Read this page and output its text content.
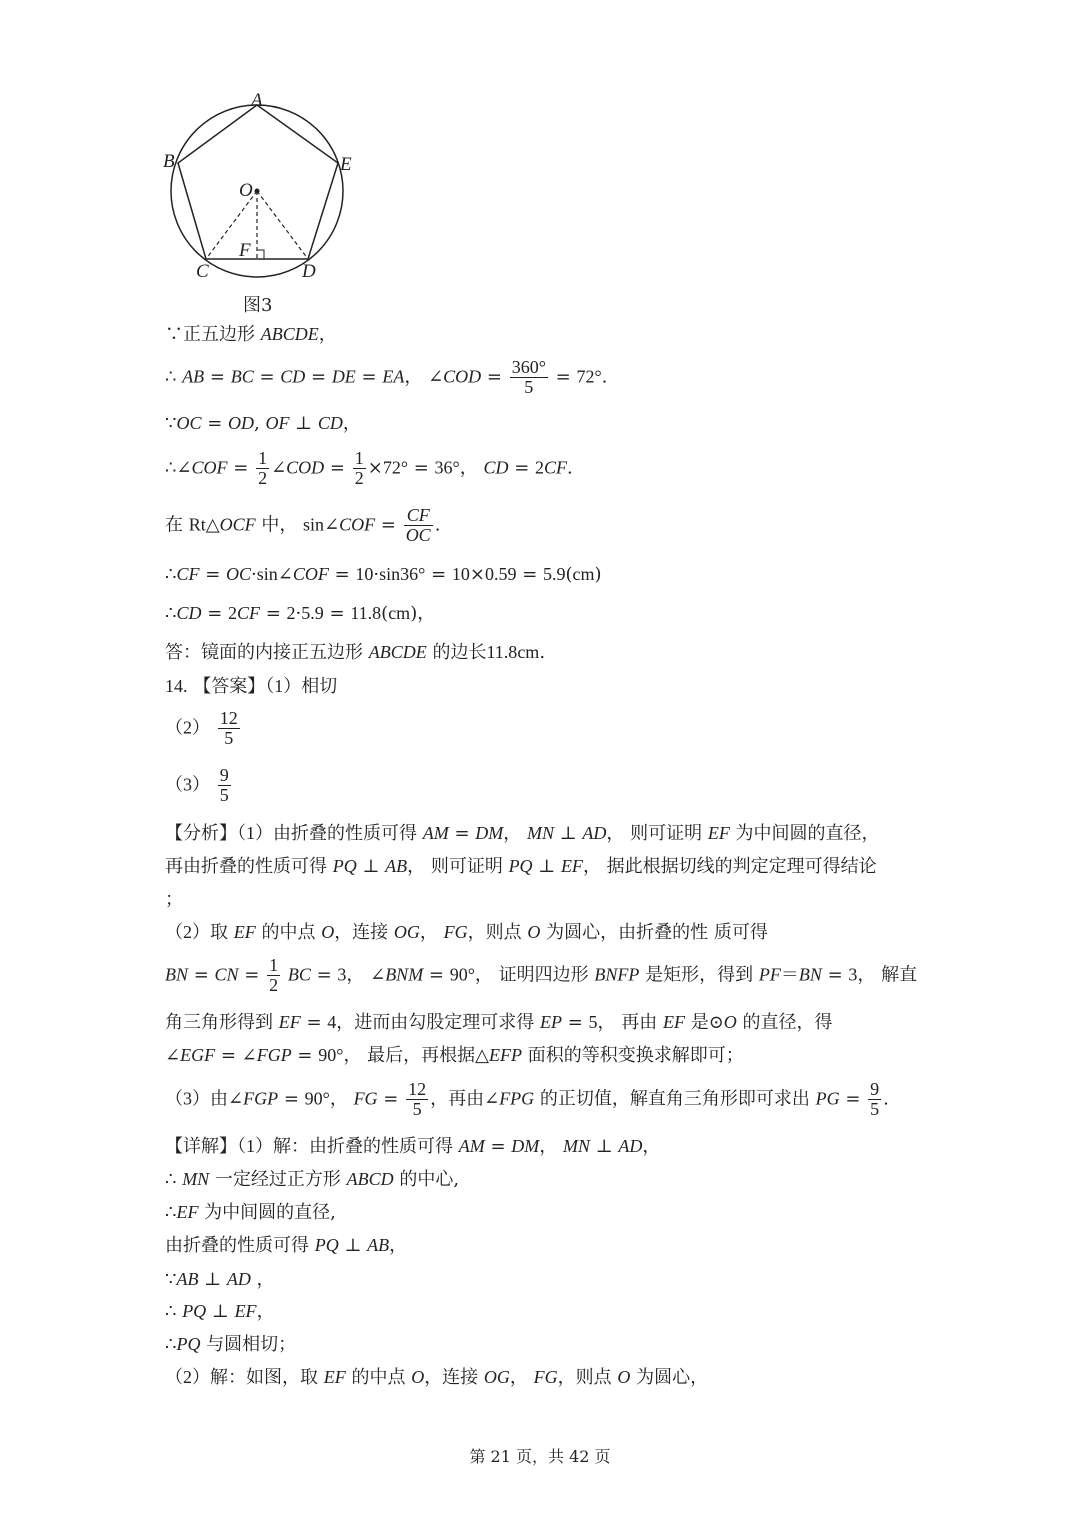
A
B
C	D
E
O
F
图3
∵正五边形 ABCDE，
∴ AB = BC = CD = DE = EA， ∠COD = $\frac{360^\circ}{5} = 72^\circ$.
∵OC = OD, OF ⊥ CD，
∴∠COF = $\frac{1}{2}$ ∠COD = $\frac{1}{2} \times 72^\circ = 36^\circ$， CD = 2CF.
在 Rt△OCF 中， sin∠COF = $\frac{CF}{OC}$ .
∴CF = OC·sin∠COF = 10·sin36° = 10×0.59 = 5.9(cm)
∴CD = 2CF = 2·5.9 = 11.8(cm)，
答：镜面的内接正五边形 ABCDE 的边长11.8cm.
14. 【答案】（1）相切
$(2) \frac{12}{5}$
$(3) \frac{9}{5}$
【分析】（1）由折叠的性质可得 AM = DM， MN ⊥ AD， 则可证明 EF 为中间圆的直径，
再由折叠的性质可得 PQ ⊥ AB， 则可证明 PQ ⊥ EF， 据此根据切线的判定定理可得结论
；
（2）取 EF 的中点 O，连接 OG， FG，则点 O 为圆心，由折叠的性 质可得
BN = CN = $\frac{1}{2}$ BC = 3， ∠BNM = 90°， 证明四边形 BNFP 是矩形，得到 PF＝BN = 3， 解直
角三角形得到 EF = 4，进而由勾股定理可求得 EP = 5， 再由 EF 是⊙O 的直径，得
∠EGF = ∠FGP = 90°， 最后，再根据△EFP 面积的等积变换求解即可；
（3）由∠FGP = 90°， FG = $\frac{12}{5}$ ，再由∠FPG 的正切值，解直角三角形即可求出 PG = $\frac{9}{5}$ .
【详解】（1）解：由折叠的性质可得 AM = DM， MN ⊥ AD，
∴ MN 一定经过正方形 ABCD 的中心,
∴EF 为中间圆的直径,
由折叠的性质可得 PQ ⊥ AB，
∵AB ⊥ AD ，
∴ PQ ⊥ EF，
∴PQ 与圆相切；
（2）解：如图，取 EF 的中点 O，连接 OG， FG，则点 O 为圆心，
第 21 页，共 42 页
